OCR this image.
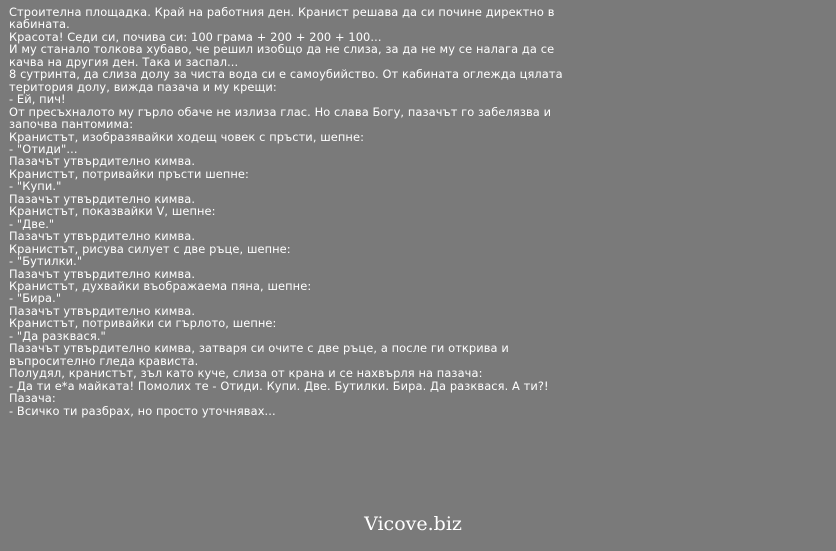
Строителна площадка. Край на работния ден. Кранист решава да си почине директно в кабината.
Красота! Седи си, почива си: 100 грама + 200 + 200 + 100...
И му станало толкова хубаво, че решил изобщо да не слиза, за да не му се налага да се качва на другия ден. Така и заспал...
8 сутринта, да слиза долу за чиста вода си е самоубийство. От кабината оглежда цялата територия долу, вижда пазача и му крещи:
- Ей, пич!
От пресъхналото му гърло обаче не излиза глас. Но слава Богу, пазачът го забелязва и започва пантомима:
Кранистът, изобразявайки ходещ човек с пръсти, шепне:
- "Отиди"...
Пазачът утвърдително кимва.
Кранистът, потривайки пръсти шепне:
- "Купи."
Пазачът утвърдително кимва.
Кранистът, показвайки V, шепне:
- "Две."
Пазачът утвърдително кимва.
Кранистът, рисува силует с две ръце, шепне:
- "Бутилки."
Пазачът утвърдително кимва.
Кранистът, духвайки въображаема пяна, шепне:
- "Бира."
Пазачът утвърдително кимва.
Кранистът, потривайки си гърлото, шепне:
- "Да разквася."
Пазачът утвърдително кимва, затваря си очите с две ръце, а после ги открива и въпросително гледа крависта.
Полудял, кранистът, зъл като куче, слиза от крана и се нахвърля на пазача:
- Да ти е*а майката! Помолих те - Отиди. Купи. Две. Бутилки. Бира. Да разквася. А ти?!
Пазача:
- Всичко ти разбрах, но просто уточнявах...
Vicove.biz
